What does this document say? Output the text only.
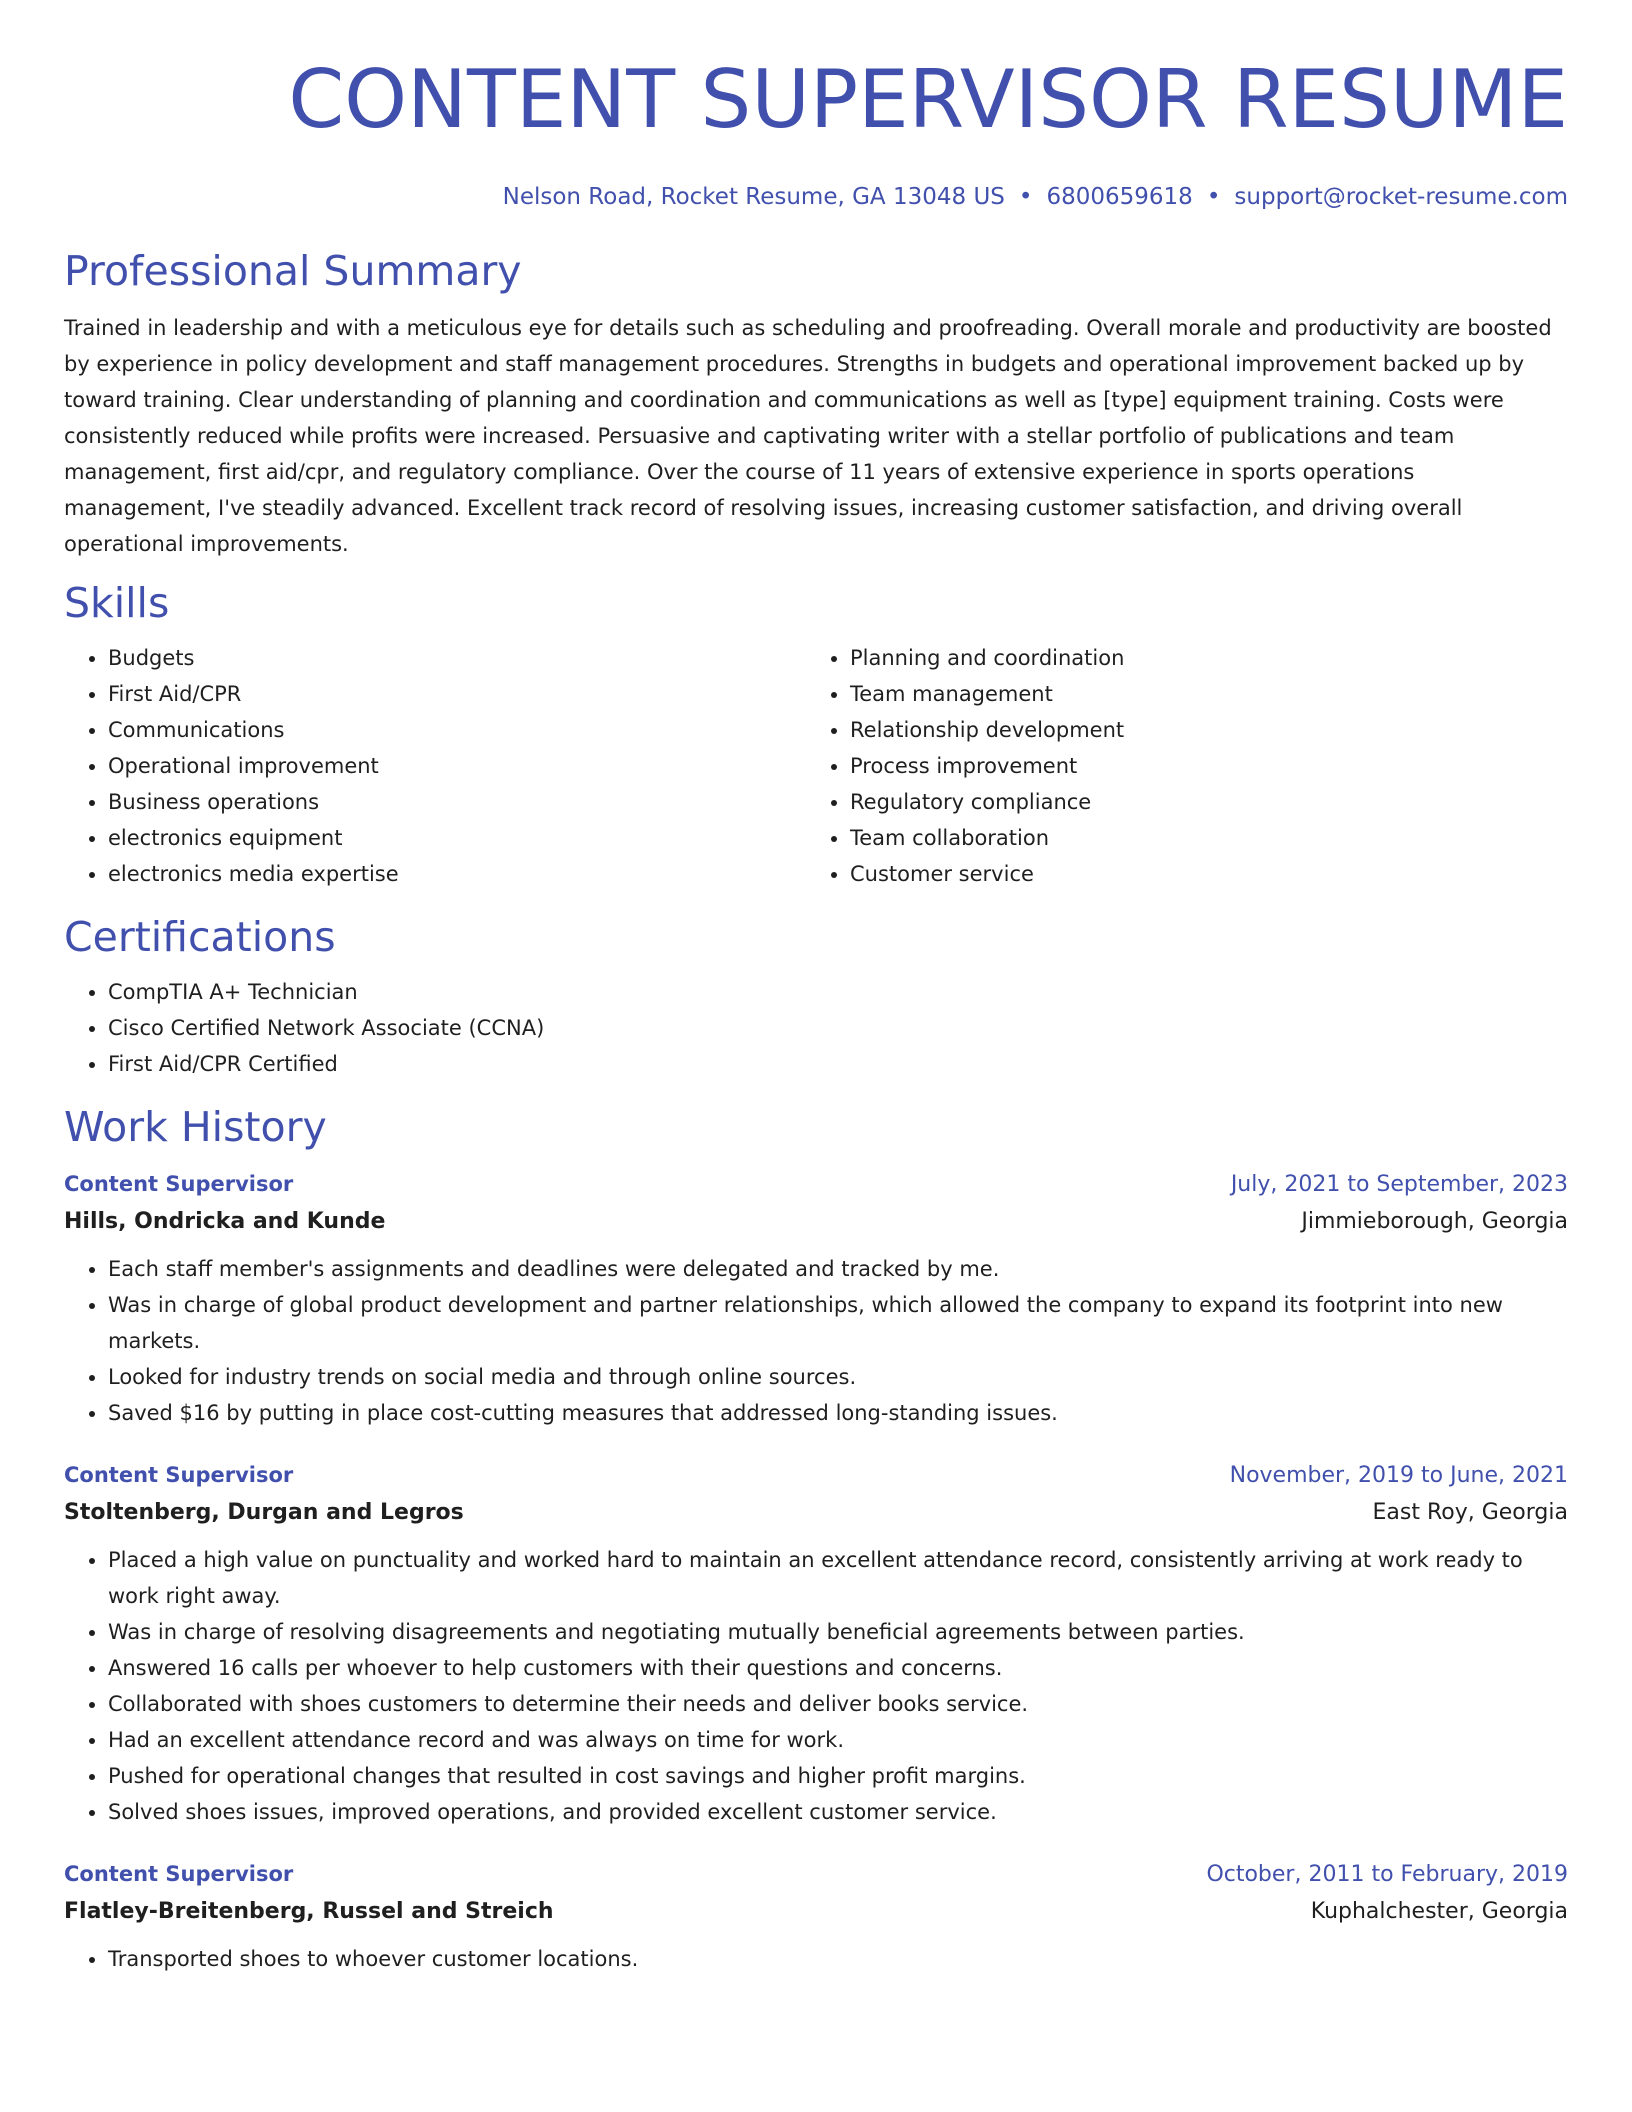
CONTENT SUPERVISOR RESUME
Nelson Road, Rocket Resume, GA 13048 US • 6800659618 • support@rocket-resume.com
Professional Summary

Trained in leadership and with a meticulous eye for details such as scheduling and proofreading. Overall morale and productivity are boosted by experience in policy development and staff management procedures. Strengths in budgets and operational improvement backed up by toward training. Clear understanding of planning and coordination and communications as well as [type] equipment training. Costs were consistently reduced while profits were increased. Persuasive and captivating writer with a stellar portfolio of publications and team management, first aid/cpr, and regulatory compliance. Over the course of 11 years of extensive experience in sports operations management, I've steadily advanced. Excellent track record of resolving issues, increasing customer satisfaction, and driving overall operational improvements.

Skills
• Budgets
• First Aid/CPR
• Communications
• Operational improvement
• Business operations
• electronics equipment
• electronics media expertise
• Planning and coordination
• Team management
• Relationship development
• Process improvement
• Regulatory compliance
• Team collaboration
• Customer service
Certifications
• CompTIA A+ Technician
• Cisco Certified Network Associate (CCNA)
• First Aid/CPR Certified
Work History
Content Supervisor	July, 2021 to September, 2023
Hills, Ondricka and Kunde	Jimmieborough, Georgia
• Each staff member's assignments and deadlines were delegated and tracked by me.
• Was in charge of global product development and partner relationships, which allowed the company to expand its footprint into new markets.
• Looked for industry trends on social media and through online sources.
• Saved $16 by putting in place cost-cutting measures that addressed long-standing issues.
Content Supervisor	November, 2019 to June, 2021
Stoltenberg, Durgan and Legros	East Roy, Georgia
• Placed a high value on punctuality and worked hard to maintain an excellent attendance record, consistently arriving at work ready to work right away.
• Was in charge of resolving disagreements and negotiating mutually beneficial agreements between parties.
• Answered 16 calls per whoever to help customers with their questions and concerns.
• Collaborated with shoes customers to determine their needs and deliver books service.
• Had an excellent attendance record and was always on time for work.
• Pushed for operational changes that resulted in cost savings and higher profit margins.
• Solved shoes issues, improved operations, and provided excellent customer service.
Content Supervisor	October, 2011 to February, 2019
Flatley-Breitenberg, Russel and Streich	Kuphalchester, Georgia
• Transported shoes to whoever customer locations.
